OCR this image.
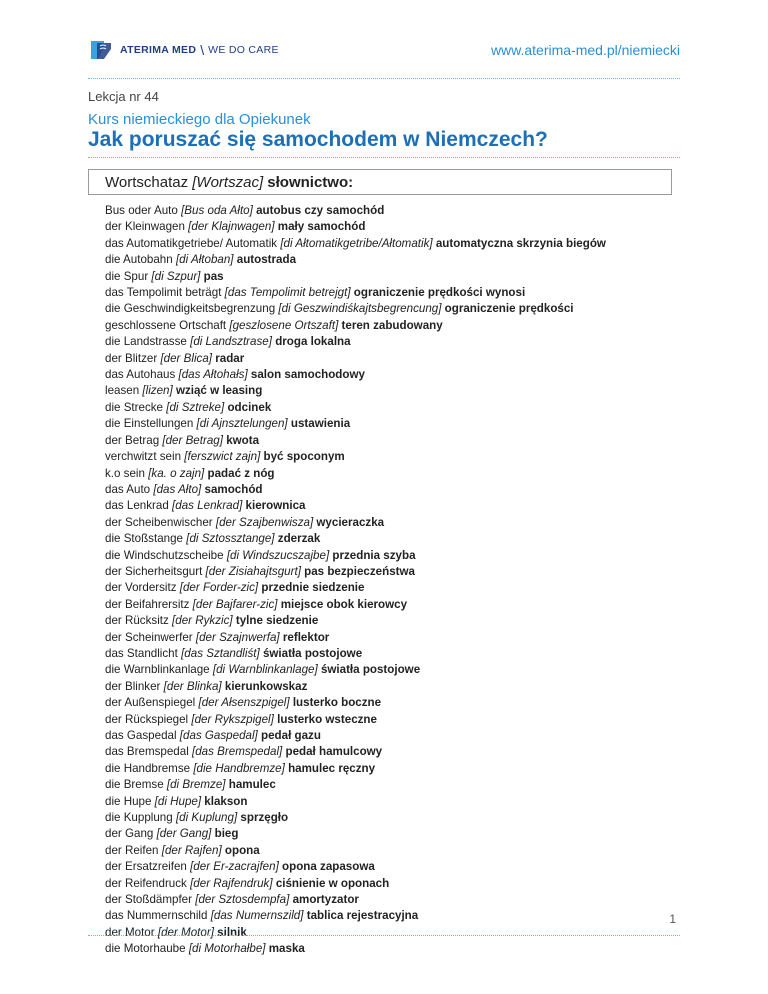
ATERIMA MED \ WE DO CARE	www.aterima-med.pl/niemiecki
Lekcja nr 44
Kurs niemieckiego dla Opiekunek
Jak poruszać się samochodem w Niemczech?
Wortschataz
[Wortszac]
słownictwo:
Bus oder Auto [Bus oda Ałto] autobus czy samochód
der Kleinwagen [der Klajnwagen] mały samochód
das Automatikgetriebe/ Automatik [di Ałtomatikgetribe/Ałtomatik] automatyczna skrzynia biegów
die Autobahn [di Ałtoban] autostrada
die Spur [di Szpur] pas
das Tempolimit beträgt [das Tempolimit betrejgt] ograniczenie prędkości wynosi
die Geschwindigkeitsbegrenzung [di Geszwindiśkajtsbegrencung] ograniczenie prędkości
geschlossene Ortschaft [geszlosene Ortszaft] teren zabudowany
die Landstrasse [di Landsztrase] droga lokalna
der Blitzer [der Blica] radar
das Autohaus [das Ałtohałs] salon samochodowy
leasen [lizen] wziąć w leasing
die Strecke [di Sztreke] odcinek
die Einstellungen [di Ajnsztelungen] ustawienia
der Betrag [der Betrag] kwota
verchwitzt sein [ferszwict zajn] być spoconym
k.o sein [ka. o zajn] padać z nóg
das Auto [das Ałto] samochód
das Lenkrad [das Lenkrad] kierownica
der Scheibenwischer [der Szajbenwisza] wycieraczka
die Stoßstange [di Sztossztange] zderzak
die Windschutzscheibe [di Windszucszajbe] przednia szyba
der Sicherheitsgurt [der Zisiahajtsgurt] pas bezpieczeństwa
der Vordersitz [der Forder-zic] przednie siedzenie
der Beifahrersitz [der Bajfarer-zic] miejsce obok kierowcy
der Rücksitz [der Rykzic] tylne siedzenie
der Scheinwerfer [der Szajnwerfa] reflektor
das Standlicht [das Sztandliśt] światła postojowe
die Warnblinkanlage [di Warnblinkanlage] światła postojowe
der Blinker [der Blinka] kierunkowskaz
der Außenspiegel [der Ałsenszpigel] lusterko boczne
der Rückspiegel [der Rykszpigel] lusterko wsteczne
das Gaspedal [das Gaspedal] pedał gazu
das Bremspedal [das Bremspedal] pedał hamulcowy
die Handbremse [die Handbremze] hamulec ręczny
die Bremse [di Bremze] hamulec
die Hupe [di Hupe] klakson
die Kupplung [di Kuplung] sprzęgło
der Gang [der Gang] bieg
der Reifen [der Rajfen] opona
der Ersatzreifen [der Er-zacrajfen] opona zapasowa
der Reifendruck [der Rajfendruk] ciśnienie w oponach
der Stoßdämpfer [der Sztosdempfa] amortyzator
das Nummernschild [das Numernszild] tablica rejestracyjna
der Motor [der Motor] silnik
die Motorhaube [di Motorhałbe] maska
1
